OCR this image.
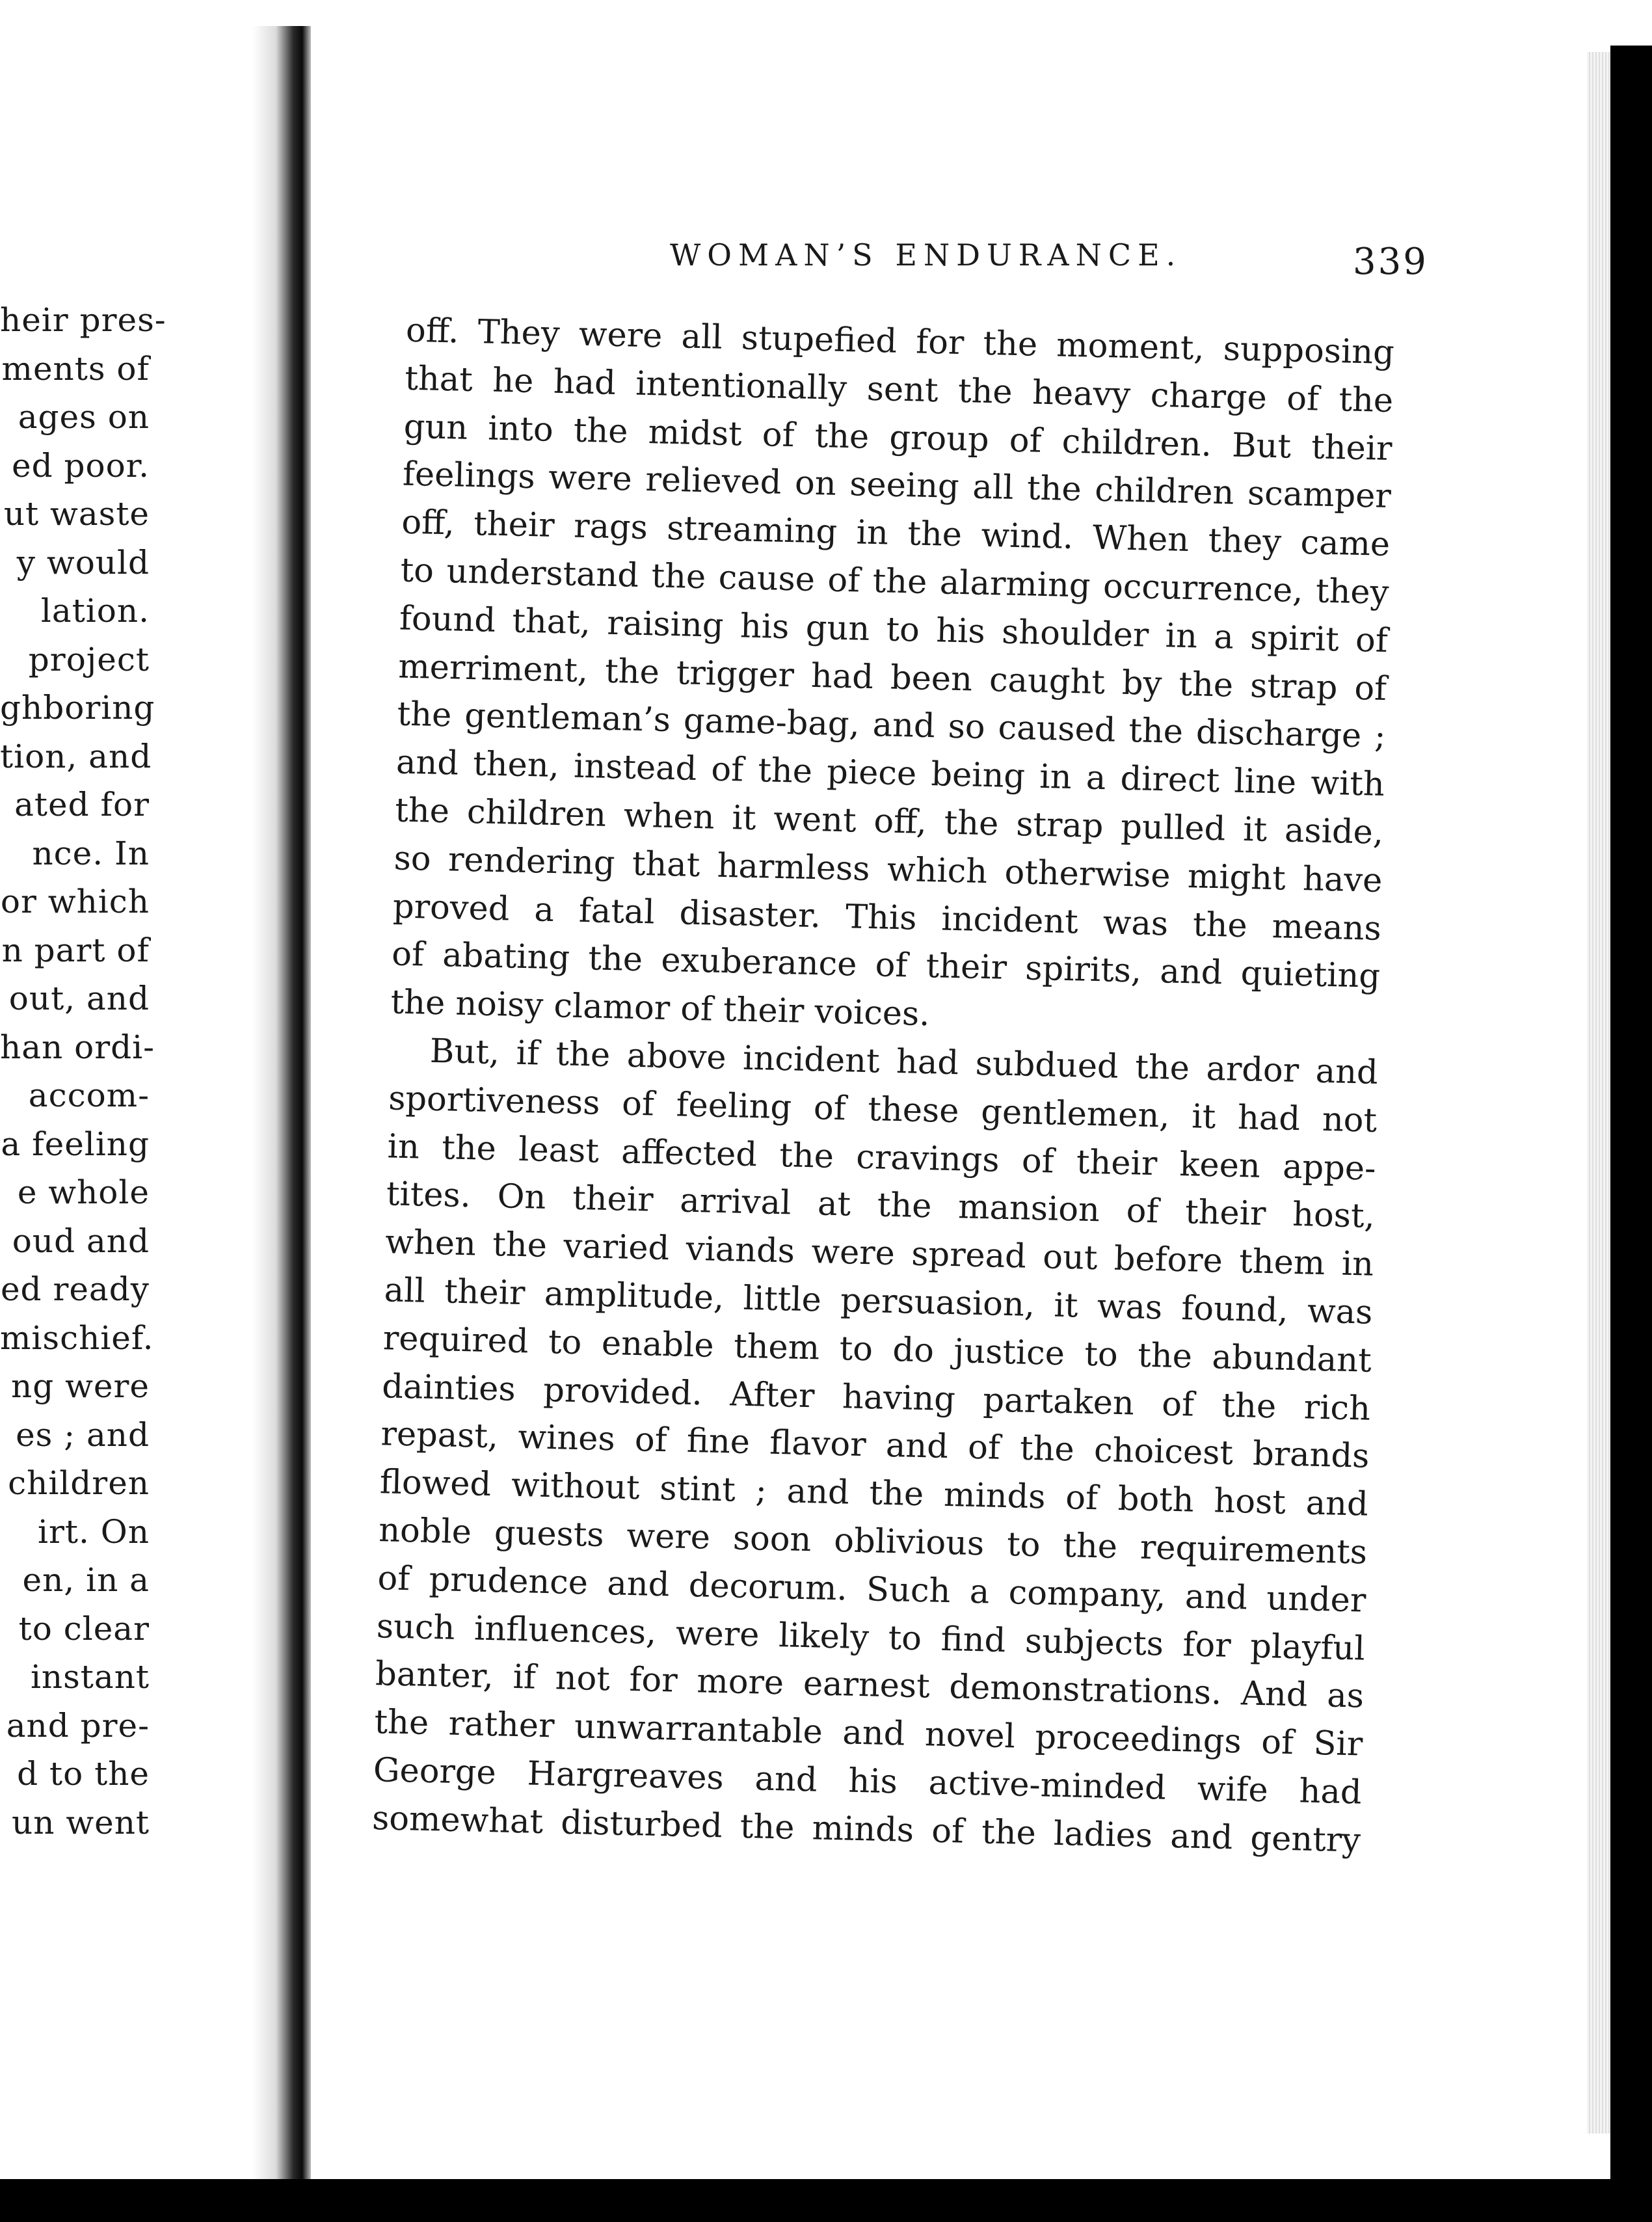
heir pres-
ments of
ages on
ed poor.
ut waste
y would
lation.
project
ghboring
tion, and
ated for
nce. In
or which
n part of
out, and
han ordi-
accom-
a feeling
e whole
oud and
ed ready
mischief.
ng were
es ; and
children
irt. On
en, in a
to clear
instant
and pre-
d to the
un went
WOMAN’S ENDURANCE.	339
off. They were all stupefied for the moment, supposing
that he had intentionally sent the heavy charge of the
gun into the midst of the group of children. But their
feelings were relieved on seeing all the children scamper
off, their rags streaming in the wind. When they came
to understand the cause of the alarming occurrence, they
found that, raising his gun to his shoulder in a spirit of
merriment, the trigger had been caught by the strap of
the gentleman’s game-bag, and so caused the discharge ;
and then, instead of the piece being in a direct line with
the children when it went off, the strap pulled it aside,
so rendering that harmless which otherwise might have
proved a fatal disaster. This incident was the means
of abating the exuberance of their spirits, and quieting
the noisy clamor of their voices.
But, if the above incident had subdued the ardor and
sportiveness of feeling of these gentlemen, it had not
in the least affected the cravings of their keen appe-
tites. On their arrival at the mansion of their host,
when the varied viands were spread out before them in
all their amplitude, little persuasion, it was found, was
required to enable them to do justice to the abundant
dainties provided. After having partaken of the rich
repast, wines of fine flavor and of the choicest brands
flowed without stint ; and the minds of both host and
noble guests were soon oblivious to the requirements
of prudence and decorum. Such a company, and under
such influences, were likely to find subjects for playful
banter, if not for more earnest demonstrations. And as
the rather unwarrantable and novel proceedings of Sir
George Hargreaves and his active-minded wife had
somewhat disturbed the minds of the ladies and gentry
